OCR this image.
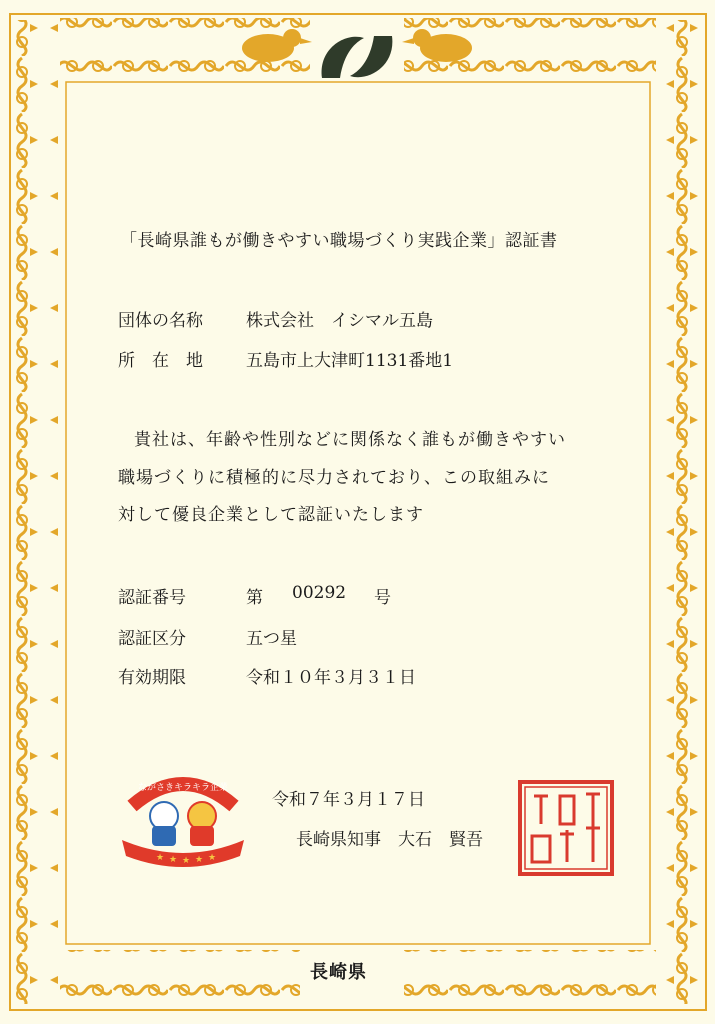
「長崎県誰もが働きやすい職場づくり実践企業」認証書
団体の名称	株式会社　イシマル五島
所　在　地	五島市上大津町1131番地1
貴社は、年齢や性別などに関係なく誰もが働きやすい
職場づくりに積極的に尽力されており、この取組みに
対して優良企業として認証いたします
認証番号	第 00292 号
認証区分	五つ星
有効期限	令和１０年３月３１日
令和７年３月１７日
長崎県知事　大石　賢吾
ながさきキラキラ企業
★ ★ ★ ★ ★
長崎県
